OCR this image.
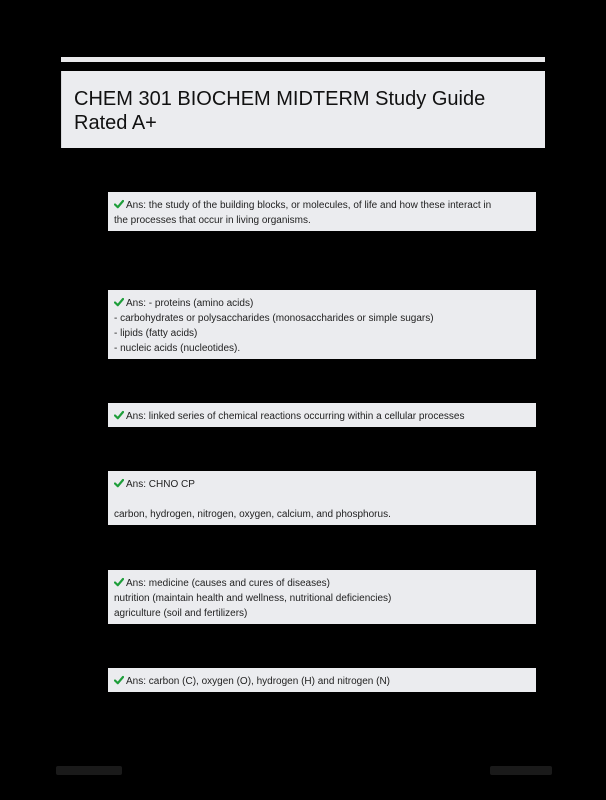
CHEM 301 BIOCHEM MIDTERM Study Guide Rated A+
Ans: the study of the building blocks, or molecules, of life and how these interact in
the processes that occur in living organisms.
Ans: - proteins (amino acids)
- carbohydrates or polysaccharides (monosaccharides or simple sugars)
- lipids (fatty acids)
- nucleic acids (nucleotides).
Ans: linked series of chemical reactions occurring within a cellular processes
Ans: CHNO CP
carbon, hydrogen, nitrogen, oxygen, calcium, and phosphorus.
Ans: medicine (causes and cures of diseases)
nutrition (maintain health and wellness, nutritional deficiencies)
agriculture (soil and fertilizers)
Ans: carbon (C), oxygen (O), hydrogen (H) and nitrogen (N)
